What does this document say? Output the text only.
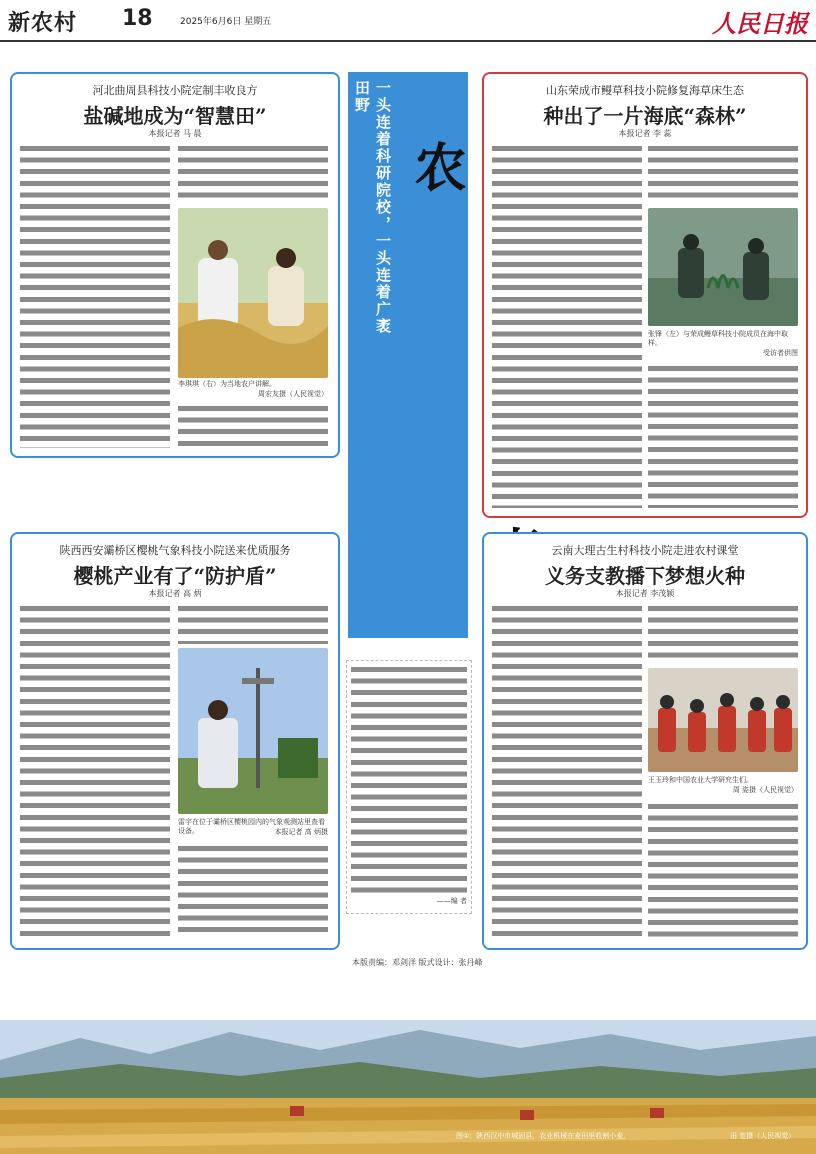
新农村 18	2025年6月6日 星期五	人民日报
河北曲周县科技小院定制丰收良方
盐碱地成为“智慧田”
本报记者 马 晨
李琪琪（右）为当地农户讲解。
周宏友摄（人民视觉）
一头连着科研院校，一头连着广袤田野
农
山东荣成市鳗草科技小院修复海草床生态
种出了一片海底“森林”
本报记者 李 蕊
张锋（左）与荣成鳗草科技小院成员在海中取样。
受访者供图
陕西西安灞桥区樱桃气象科技小院送来优质服务
樱桃产业有了“防护盾”
本报记者 高 炳
雷宇在位于灞桥区樱桃园内的气象观测站里查看设备。	本报记者 高 炳摄
——编 者
云南大理古生村科技小院走进农村课堂
义务支教播下梦想火种
本报记者 李茂颖
王玉玲和中国农业大学研究生们。
周 姿摄（人民视觉）
本版责编：邓剑洋 版式设计：张丹峰
图①：陕西汉中市城固县，农业机械在麦田里收割小麦。	田 宽摄（人民视觉）
